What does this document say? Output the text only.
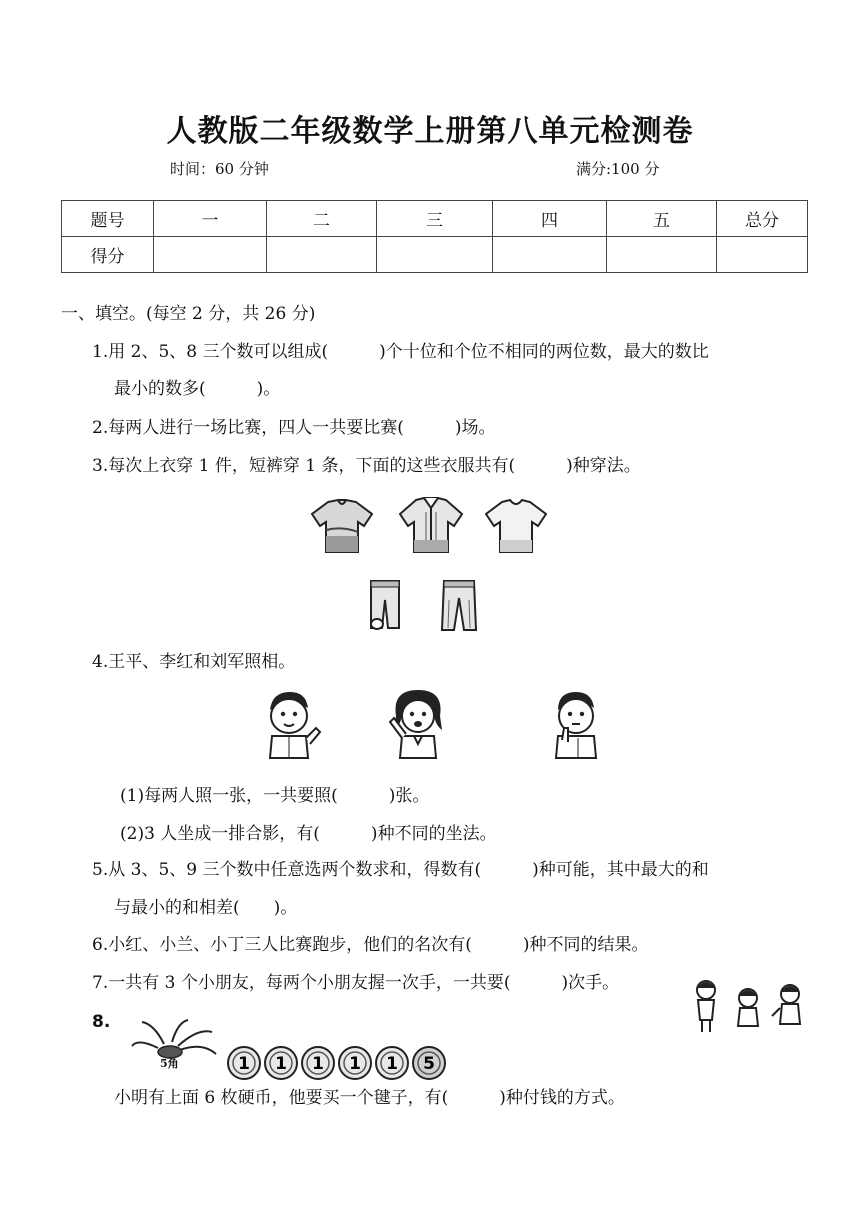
人教版二年级数学上册第八单元检测卷
时间：60 分钟	满分:100 分
题号	一	二	三	四	五	总分
得分						
一、填空。(每空 2 分，共 26 分)
1.用 2、5、8 三个数可以组成(　　　)个十位和个位不相同的两位数，最大的数比
最小的数多(　　　)。
2.每两人进行一场比赛，四人一共要比赛(　　　)场。
3.每次上衣穿 1 件，短裤穿 1 条，下面的这些衣服共有(　　　)种穿法。
4.王平、李红和刘军照相。
(1)每两人照一张，一共要照(　　　)张。
(2)3 人坐成一排合影，有(　　　)种不同的坐法。
5.从 3、5、9 三个数中任意选两个数求和，得数有(　　　)种可能，其中最大的和
与最小的和相差(　　)。
6.小红、小兰、小丁三人比赛跑步，他们的名次有(　　　)种不同的结果。
7.一共有 3 个小朋友，每两个小朋友握一次手，一共要(　　　)次手。
8.
5角	1 1 1 1 1 5
小明有上面 6 枚硬币，他要买一个毽子，有(　　　)种付钱的方式。
